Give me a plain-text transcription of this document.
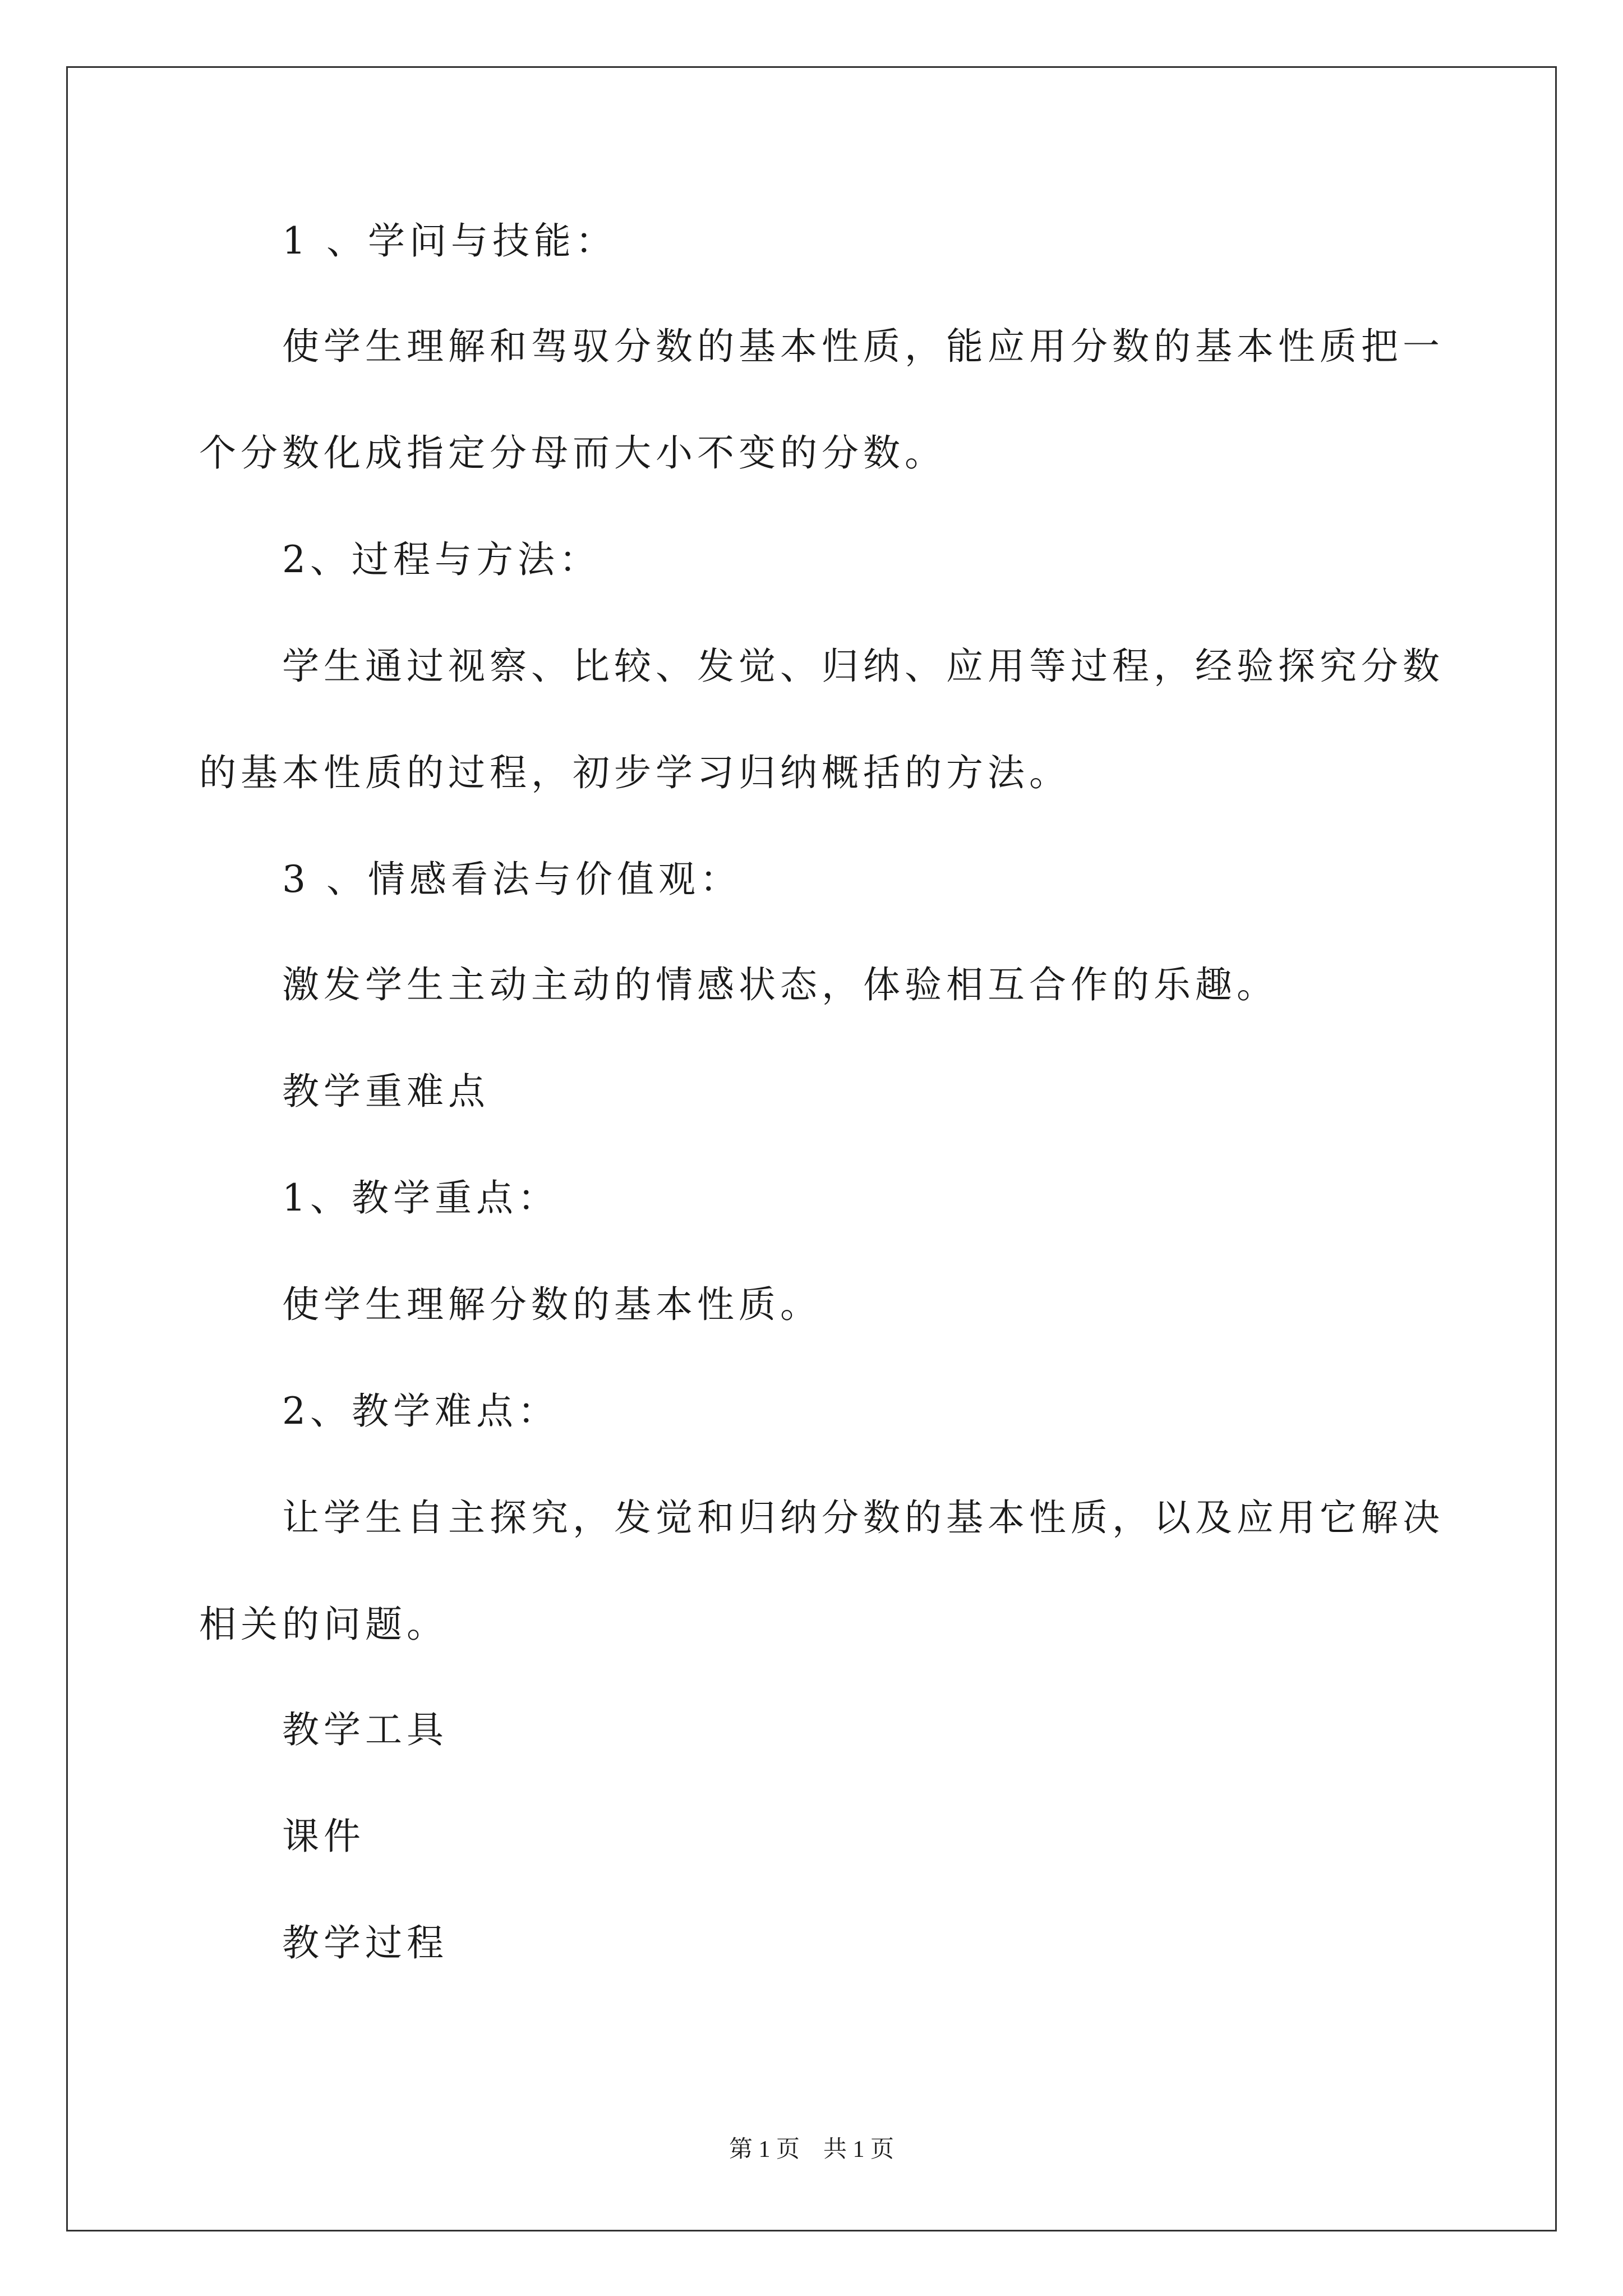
1 、学问与技能：
使学生理解和驾驭分数的基本性质，能应用分数的基本性质把一
个分数化成指定分母而大小不变的分数。
2、过程与方法：
学生通过视察、比较、发觉、归纳、应用等过程，经验探究分数
的基本性质的过程，初步学习归纳概括的方法。
3 、情感看法与价值观：
激发学生主动主动的情感状态，体验相互合作的乐趣。
教学重难点
1、教学重点：
使学生理解分数的基本性质。
2、教学难点：
让学生自主探究，发觉和归纳分数的基本性质，以及应用它解决
相关的问题。
教学工具
课件
教学过程
第 1 页　共 1 页
